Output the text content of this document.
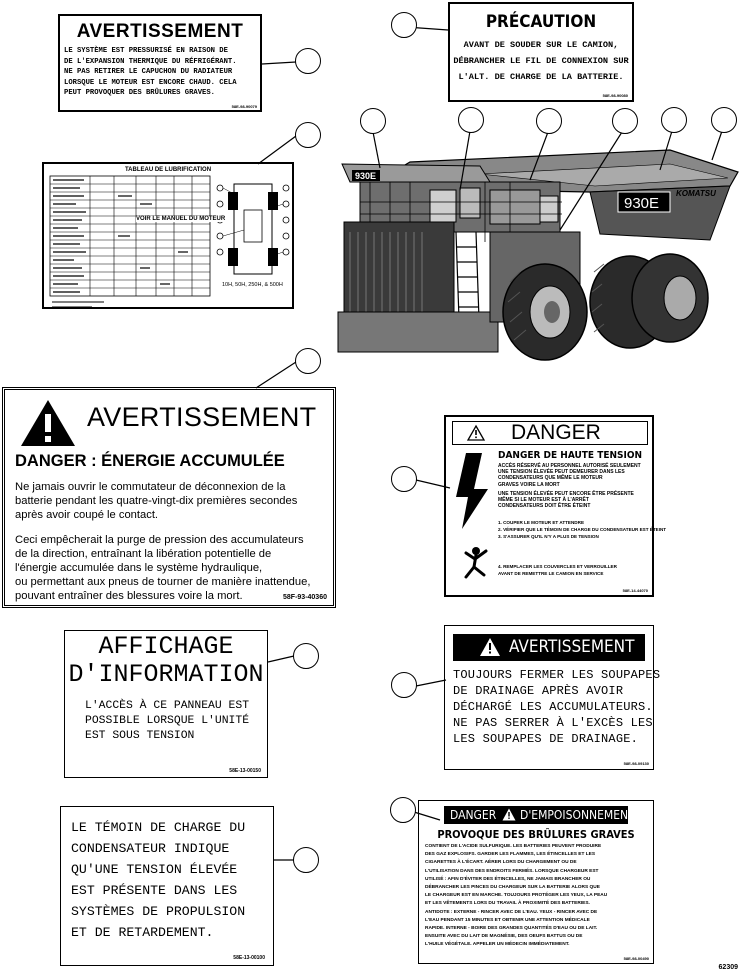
AVERTISSEMENT
LE SYSTÈME EST PRESSURISÉ EN RAISON DE
DE L'EXPANSION THERMIQUE DU RÉFRIGÉRANT.
NE PAS RETIRER LE CAPUCHON DU RADIATEUR
LORSQUE LE MOTEUR EST ENCORE CHAUD. CELA
PEUT PROVOQUER DES BRÛLURES GRAVES.
58E-98-90079
PRÉCAUTION
AVANT DE SOUDER SUR LE CAMION,
DÉBRANCHER LE FIL DE CONNEXION SUR
L'ALT. DE CHARGE DE LA BATTERIE.
58E-98-90080
TABLEAU DE LUBRIFICATION
VOIR LE MANUEL DU MOTEUR
10H, 50H, 250H, & 500H
AVERTISSEMENT
DANGER : ÉNERGIE ACCUMULÉE
Ne jamais ouvrir le commutateur de déconnexion de la
batterie pendant les quatre-vingt-dix premières secondes
après avoir coupé le contact.
Ceci empêcherait la purge de pression des accumulateurs
de la direction, entraînant la libération potentielle de
l'énergie accumulée dans le système hydraulique,
ou permettant aux pneus de tourner de manière inattendue,
pouvant entraîner des blessures voire la mort.	58F-93-40360
DANGER
DANGER DE HAUTE TENSION
ACCÈS RÉSERVÉ AU PERSONNEL AUTORISÉ SEULEMENT
UNE TENSION ÉLEVÉE PEUT DEMEURER DANS LES
CONDENSATEURS QUE MÊME LE MOTEUR
GRAVES VOIRE LA MORT
UNE TENSION ÉLEVÉE PEUT ENCORE ÊTRE PRÉSENTE
MÊME SI LE MOTEUR EST À L'ARRÊT
CONDENSATEURS DOIT ÊTRE ÉTEINT
1. COUPER LE MOTEUR ET ATTENDRE
2. VÉRIFIER QUE LE TÉMOIN DE CHARGE DU CONDENSATEUR EST ÉTEINT
3. S'ASSURER QU'IL N'Y A PLUS DE TENSION
4. REMPLACER LES COUVERCLES ET VERROUILLER
AVANT DE REMETTRE LE CAMION EN SERVICE
58E-14-44070
AFFICHAGE
D'INFORMATION
L'ACCÈS À CE PANNEAU EST
POSSIBLE LORSQUE L'UNITÉ
EST SOUS TENSION
58E-13-00150
AVERTISSEMENT
TOUJOURS FERMER LES SOUPAPES
DE DRAINAGE APRÈS AVOIR
DÉCHARGÉ LES ACCUMULATEURS.
NE PAS SERRER À L'EXCÈS LES
LES SOUPAPES DE DRAINAGE.
58E-98-09130
LE TÉMOIN DE CHARGE DU
CONDENSATEUR INDIQUE
QU'UNE TENSION ÉLEVÉE
EST PRÉSENTE DANS LES
SYSTÈMES DE PROPULSION
ET DE RETARDEMENT.
58E-13-00100
DANGER D'EMPOISONNEMENT
PROVOQUE DES BRÛLURES GRAVES
CONTIENT DE L'ACIDE SULFURIQUE. LES BATTERIES PEUVENT PRODUIRE
DES GAZ EXPLOSIFS. GARDER LES FLAMMES, LES ÉTINCELLES ET LES
CIGARETTES À L'ÉCART. AÉRER LORS DU CHARGEMENT OU DE
L'UTILISATION DANS DES ENDROITS FERMÉS. LORSQUE CHARGEUR EST
UTILISÉ : AFIN D'ÉVITER DES ÉTINCELLES, NE JAMAIS BRANCHER OU
DÉBRANCHER LES PINCES DU CHARGEUR SUR LA BATTERIE ALORS QUE
LE CHARGEUR EST EN MARCHE. TOUJOURS PROTÉGER LES YEUX, LA PEAU
ET LES VÊTEMENTS LORS DU TRAVAIL À PROXIMITÉ DES BATTERIES.
ANTIDOTE : EXTERNE - RINCER AVEC DE L'EAU. YEUX - RINCER AVEC DE
L'EAU PENDANT 15 MINUTES ET OBTENIR UNE ATTENTION MÉDICALE
RAPIDE. INTERNE - BOIRE DES GRANDES QUANTITÉS D'EAU OU DE LAIT.
ENSUITE AVEC DU LAIT DE MAGNÉSIE, DES OEUFS BATTUS OU DE
L'HUILE VÉGÉTALE. APPELER UN MÉDECIN IMMÉDIATEMENT.
58E-98-00490
930E
930E
KOMATSU
62309
